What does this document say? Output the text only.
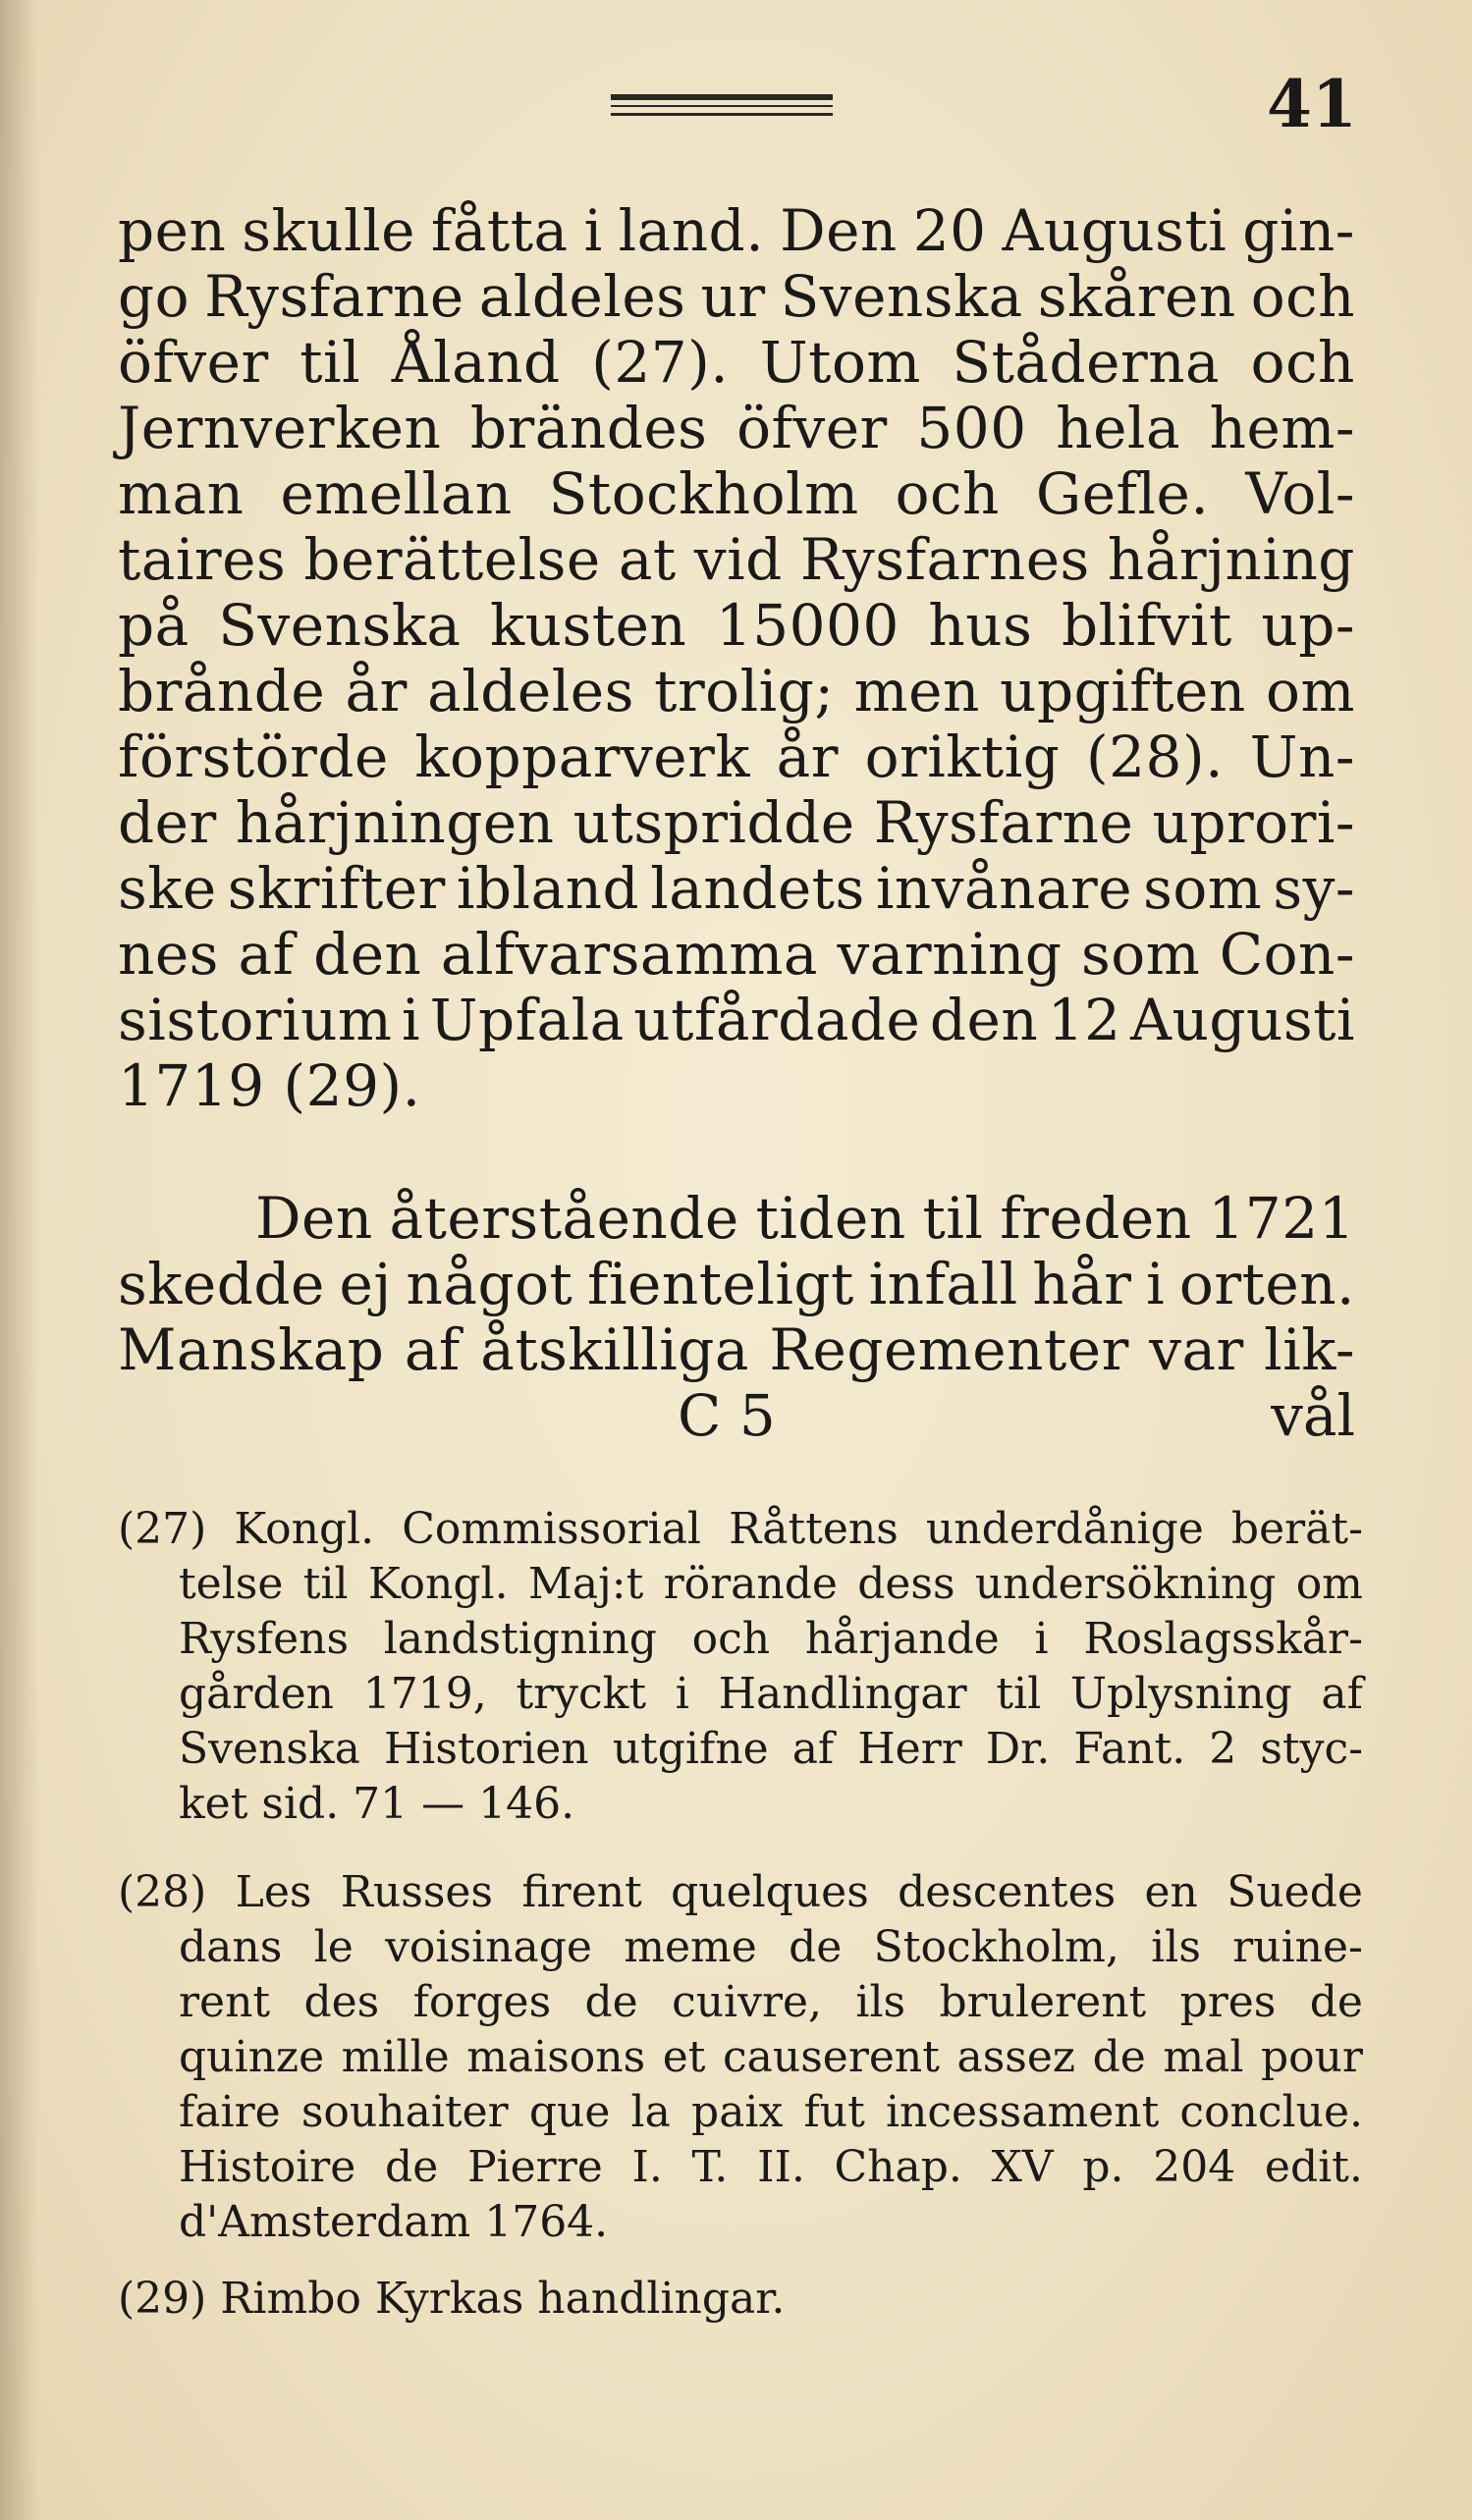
41
pen skulle fåtta i land. Den 20 Augusti gin-
go Rysfarne aldeles ur Svenska skåren och
öfver til Åland (27). Utom Ståderna och
Jernverken brändes öfver 500 hela hem-
man emellan Stockholm och Gefle. Vol-
taires berättelse at vid Rysfarnes hårjning
på Svenska kusten 15000 hus blifvit up-
brånde år aldeles trolig; men upgiften om
förstörde kopparverk år oriktig (28). Un-
der hårjningen utspridde Rysfarne uprori-
ske skrifter ibland landets invånare som sy-
nes af den alfvarsamma varning som Con-
sistorium i Upfala utfårdade den 12 Augusti
1719 (29).
Den återstående tiden til freden 1721
skedde ej något fienteligt infall hår i orten.
Manskap af åtskilliga Regementer var lik-
C 5	vål
(27) Kongl. Commissorial Råttens underdånige berät-
telse til Kongl. Maj:t rörande dess undersökning om
Rysfens landstigning och hårjande i Roslagsskår-
gården 1719, tryckt i Handlingar til Uplysning af
Svenska Historien utgifne af Herr Dr. Fant. 2 styc-
ket sid. 71 — 146.
(28) Les Russes firent quelques descentes en Suede
dans le voisinage meme de Stockholm, ils ruine-
rent des forges de cuivre, ils brulerent pres de
quinze mille maisons et causerent assez de mal pour
faire souhaiter que la paix fut incessament conclue.
Histoire de Pierre I. T. II. Chap. XV p. 204 edit.
d'Amsterdam 1764.
(29) Rimbo Kyrkas handlingar.
